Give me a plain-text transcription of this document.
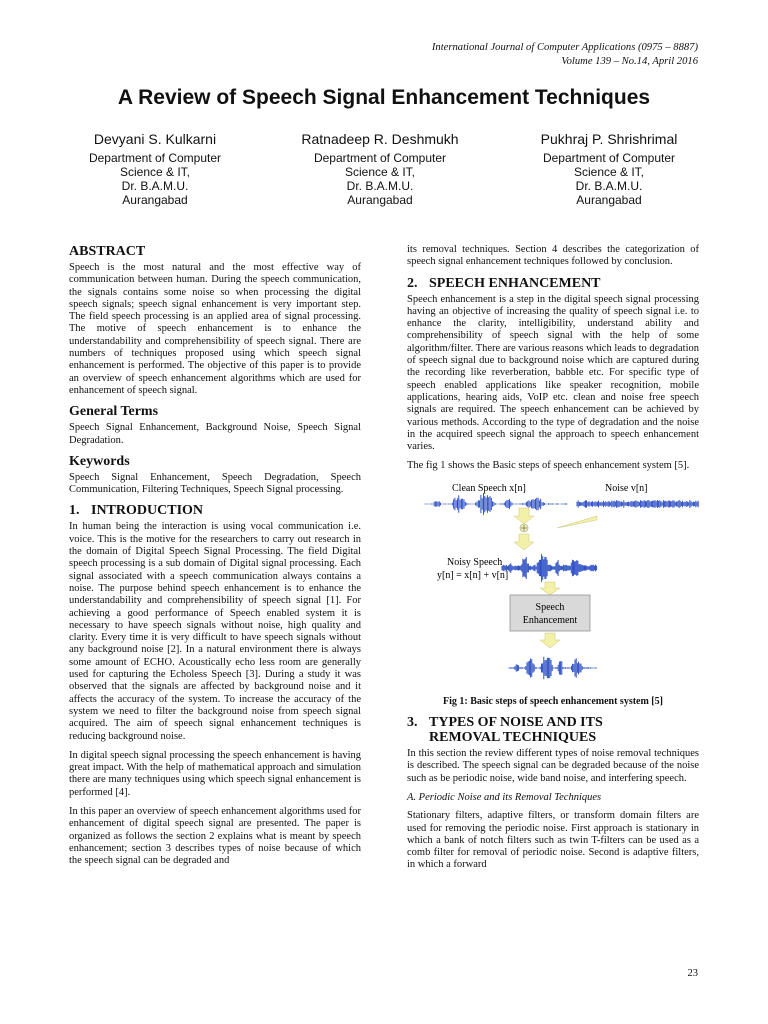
International Journal of Computer Applications (0975 – 8887)
Volume 139 – No.14, April 2016
A Review of Speech Signal Enhancement Techniques
Devyani S. Kulkarni
Department of Computer
Science & IT,
Dr. B.A.M.U.
Aurangabad
Ratnadeep R. Deshmukh
Department of Computer
Science & IT,
Dr. B.A.M.U.
Aurangabad
Pukhraj P. Shrishrimal
Department of Computer
Science & IT,
Dr. B.A.M.U.
Aurangabad
ABSTRACT

Speech is the most natural and the most effective way of communication between human. During the speech communication, the signals contains some noise so when processing the digital speech signals; speech signal enhancement is very important step. The field speech processing is an applied area of signal processing. The motive of speech enhancement is to enhance the understandability and comprehensibility of speech signal. There are numbers of techniques proposed using which speech signal enhancement is performed. The objective of this paper is to provide an overview of speech enhancement algorithms which are used for enhancement of speech signal.

General Terms

Speech Signal Enhancement, Background Noise, Speech Signal Degradation.

Keywords

Speech Signal Enhancement, Speech Degradation, Speech Communication, Filtering Techniques, Speech Signal processing.

1. INTRODUCTION

In human being the interaction is using vocal communication i.e. voice. This is the motive for the researchers to carry out research in the domain of Digital Speech Signal Processing. The field Digital speech processing is a sub domain of Digital signal processing. Each signal associated with a speech communication always contains a noise. The purpose behind speech enhancement is to enhance the understandability and comprehensibility of speech signal [1]. For achieving a good performance of Speech enabled system it is necessary to have speech signals without noise, high quality and clarity. Every time it is very difficult to have speech signals without any background noise [2]. In a natural environment there is always some amount of ECHO. Acoustically echo less room are generally used for capturing the Echoless Speech [3]. During a study it was observed that the signals are affected by background noise and it affects the accuracy of the system. To increase the accuracy of the system we need to filter the background noise from speech signal acquired. The aim of speech signal enhancement techniques is reducing background noise.

In digital speech signal processing the speech enhancement is having great impact. With the help of mathematical approach and simulation there are many techniques using which speech signal enhancement is performed [4].

In this paper an overview of speech enhancement algorithms used for enhancement of digital speech signal are presented. The paper is organized as follows the section 2 explains what is meant by speech enhancement; section 3 describes types of noise because of which the speech signal can be degraded and

its removal techniques. Section 4 describes the categorization of speech signal enhancement techniques followed by conclusion.

2. SPEECH ENHANCEMENT

Speech enhancement is a step in the digital speech signal processing having an objective of increasing the quality of speech signal i.e. to enhance the clarity, intelligibility, understand ability and comprehensibility of speech signal with the help of some algorithm/filter. There are various reasons which leads to degradation of speech signal due to background noise which are captured during the recording like reverberation, babble etc. For specific type of speech enabled applications like speaker recognition, mobile applications, hearing aids, VoIP etc. clean and noise free speech signals are required. The speech enhancement can be achieved by various methods. According to the type of degradation and the noise in the acquired speech signal the approach to speech enhancement varies.

The fig 1 shows the Basic steps of speech enhancement system [5].

Clean Speech x[n]	Noise v[n]
Noisy Speech
y[n] = x[n] + v[n]
Speech
Enhancement

Fig 1: Basic steps of speech enhancement system [5]

3. TYPES OF NOISE AND ITS
REMOVAL TECHNIQUES

In this section the review different types of noise removal techniques is described. The speech signal can be degraded because of the noise such as be periodic noise, wide band noise, and interfering speech.

A. Periodic Noise and its Removal Techniques

Stationary filters, adaptive filters, or transform domain filters are used for removing the periodic noise. First approach is stationary in which a bank of notch filters such as twin T-filters can be used as a comb filter for removal of periodic noise. Second is adaptive filters, in which a forward

23
